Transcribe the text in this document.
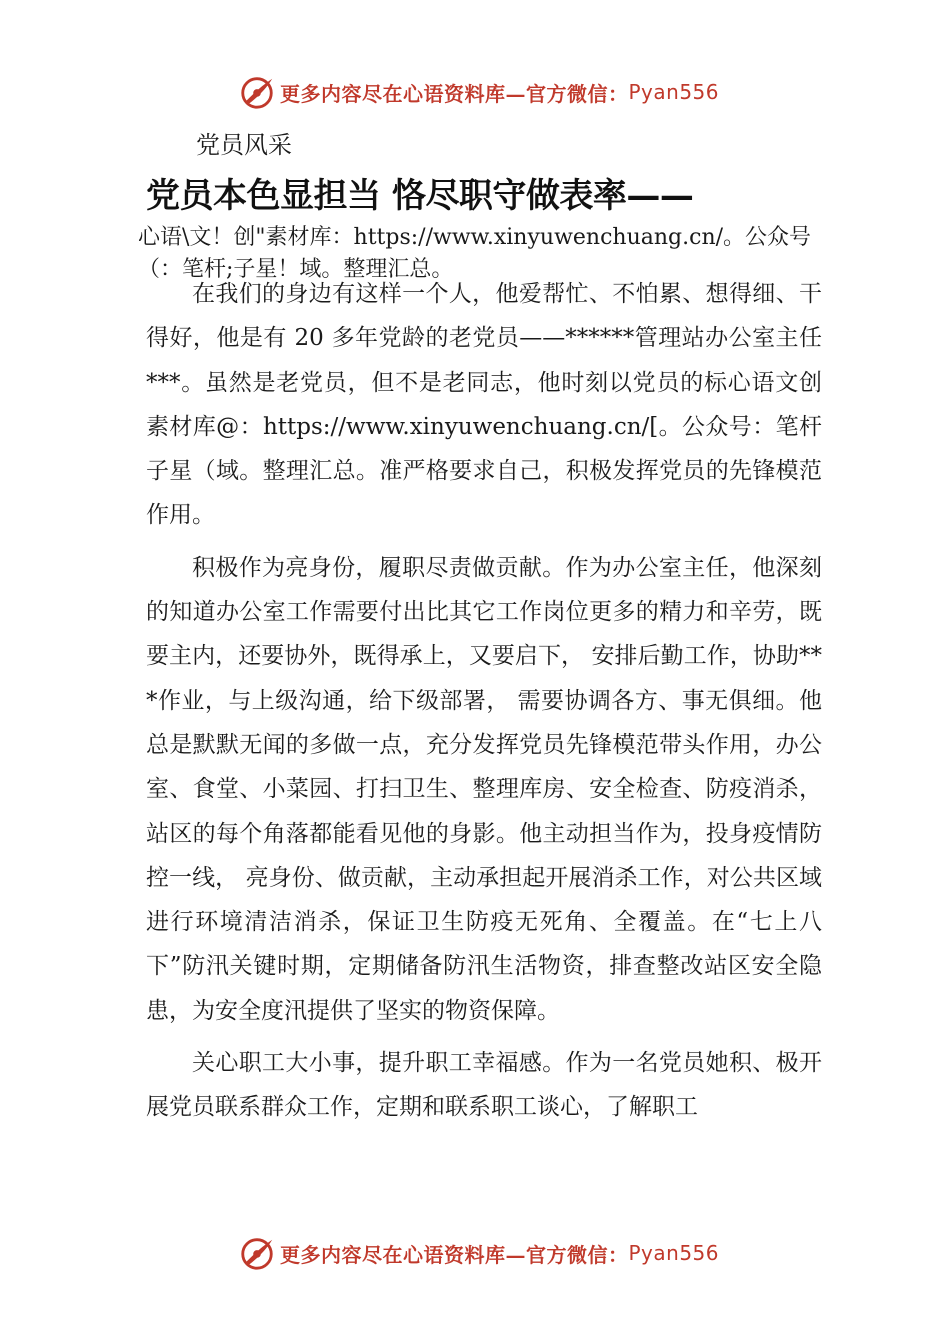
更多内容尽在心语资料库—官方微信： Pyan556
党员风采
党员本色显担当 恪尽职守做表率——
心语\文！创"素材库：https://www.xinyuwenchuang.cn/。公众号（：笔杆;子星！域。整理汇总。

在我们的身边有这样一个人，他爱帮忙、不怕累、想得细、干得好，他是有 20 多年党龄的老党员——******管理站办公室主任***。虽然是老党员，但不是老同志，他时刻以党员的标心语文创素材库@：https://www.xinyuwenchuang.cn/[。公众号：笔杆子星（域。整理汇总。准严格要求自己，积极发挥党员的先锋模范作用。

积极作为亮身份，履职尽责做贡献。作为办公室主任，他深刻的知道办公室工作需要付出比其它工作岗位更多的精力和辛劳，既要主内，还要协外，既得承上，又要启下， 安排后勤工作，协助***作业，与上级沟通，给下级部署， 需要协调各方、事无俱细。他总是默默无闻的多做一点，充分发挥党员先锋模范带头作用，办公室、食堂、小菜园、打扫卫生、整理库房、安全检查、防疫消杀，站区的每个角落都能看见他的身影。他主动担当作为，投身疫情防控一线， 亮身份、做贡献，主动承担起开展消杀工作，对公共区域进行环境清洁消杀，保证卫生防疫无死角、全覆盖。在“七上八下”防汛关键时期，定期储备防汛生活物资，排查整改站区安全隐患，为安全度汛提供了坚实的物资保障。

关心职工大小事，提升职工幸福感。作为一名党员她积、极开展党员联系群众工作，定期和联系职工谈心，了解职工

更多内容尽在心语资料库—官方微信： Pyan556
